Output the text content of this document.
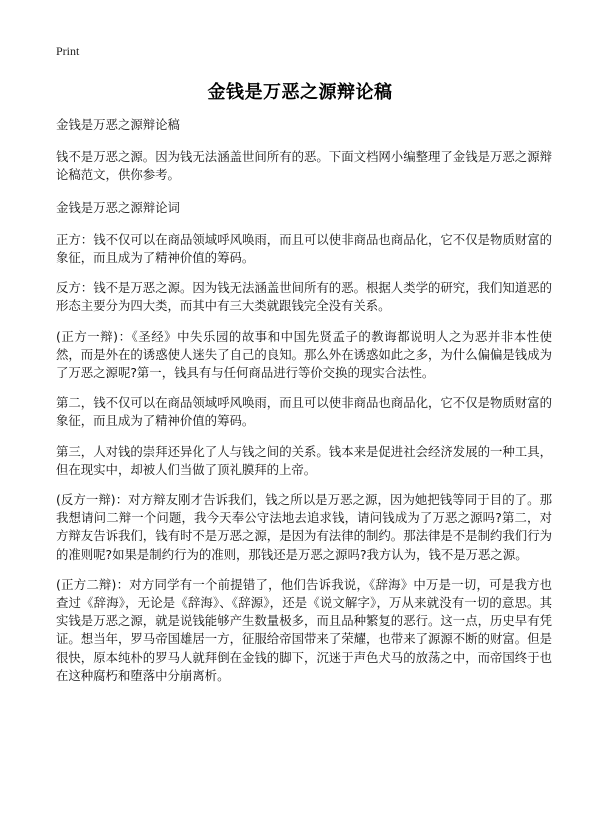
Print
金钱是万恶之源辩论稿

金钱是万恶之源辩论稿

钱不是万恶之源。因为钱无法涵盖世间所有的恶。下面文档网小编整理了金钱是万恶之源辩论稿范文，供你参考。

金钱是万恶之源辩论词

正方：钱不仅可以在商品领域呼风唤雨，而且可以使非商品也商品化，它不仅是物质财富的象征，而且成为了精神价值的筹码。

反方：钱不是万恶之源。因为钱无法涵盖世间所有的恶。根据人类学的研究，我们知道恶的形态主要分为四大类，而其中有三大类就跟钱完全没有关系。

(正方一辩)：《圣经》中失乐园的故事和中国先贤孟子的教诲都说明人之为恶并非本性使然，而是外在的诱惑使人迷失了自己的良知。那么外在诱惑如此之多，为什么偏偏是钱成为了万恶之源呢?第一，钱具有与任何商品进行等价交换的现实合法性。

第二，钱不仅可以在商品领域呼风唤雨，而且可以使非商品也商品化，它不仅是物质财富的象征，而且成为了精神价值的筹码。

第三，人对钱的崇拜还异化了人与钱之间的关系。钱本来是促进社会经济发展的一种工具，但在现实中，却被人们当做了顶礼膜拜的上帝。

(反方一辩)：对方辩友刚才告诉我们，钱之所以是万恶之源，因为她把钱等同于目的了。那我想请问二辩一个问题，我今天奉公守法地去追求钱，请问钱成为了万恶之源吗?第二，对方辩友告诉我们，钱有时不是万恶之源，是因为有法律的制约。那法律是不是制约我们行为的准则呢?如果是制约行为的准则，那钱还是万恶之源吗?我方认为，钱不是万恶之源。

(正方二辩)：对方同学有一个前提错了，他们告诉我说，《辞海》中万是一切，可是我方也查过《辞海》，无论是《辞海》、《辞源》，还是《说文解字》，万从来就没有一切的意思。其实钱是万恶之源，就是说钱能够产生数量极多，而且品种繁复的恶行。这一点，历史早有凭证。想当年，罗马帝国雄居一方，征服给帝国带来了荣耀，也带来了源源不断的财富。但是很快，原本纯朴的罗马人就拜倒在金钱的脚下，沉迷于声色犬马的放荡之中，而帝国终于也在这种腐朽和堕落中分崩离析。
